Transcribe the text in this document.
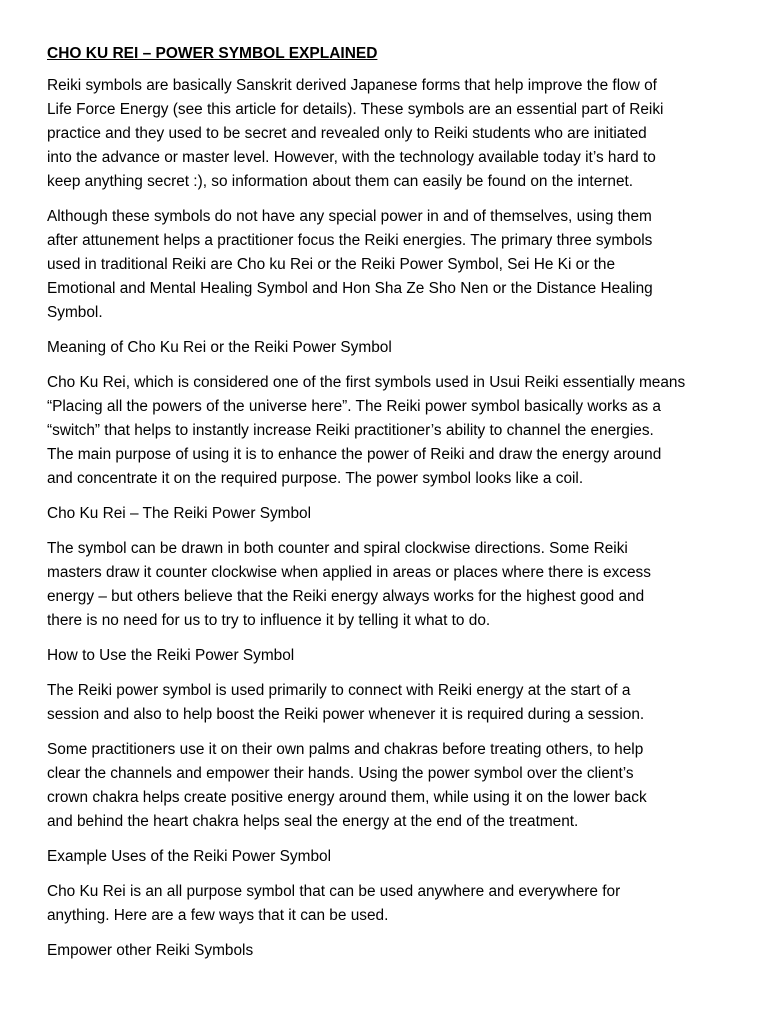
CHO KU REI – POWER SYMBOL EXPLAINED

Reiki symbols are basically Sanskrit derived Japanese forms that help improve the flow of
Life Force Energy (see this article for details). These symbols are an essential part of Reiki
practice and they used to be secret and revealed only to Reiki students who are initiated
into the advance or master level. However, with the technology available today it’s hard to
keep anything secret :), so information about them can easily be found on the internet.

Although these symbols do not have any special power in and of themselves, using them
after attunement helps a practitioner focus the Reiki energies. The primary three symbols
used in traditional Reiki are Cho ku Rei or the Reiki Power Symbol, Sei He Ki or the
Emotional and Mental Healing Symbol and Hon Sha Ze Sho Nen or the Distance Healing
Symbol.

Meaning of Cho Ku Rei or the Reiki Power Symbol

Cho Ku Rei, which is considered one of the first symbols used in Usui Reiki essentially means
“Placing all the powers of the universe here”. The Reiki power symbol basically works as a
“switch” that helps to instantly increase Reiki practitioner’s ability to channel the energies.
The main purpose of using it is to enhance the power of Reiki and draw the energy around
and concentrate it on the required purpose. The power symbol looks like a coil.

Cho Ku Rei – The Reiki Power Symbol

The symbol can be drawn in both counter and spiral clockwise directions. Some Reiki
masters draw it counter clockwise when applied in areas or places where there is excess
energy – but others believe that the Reiki energy always works for the highest good and
there is no need for us to try to influence it by telling it what to do.

How to Use the Reiki Power Symbol

The Reiki power symbol is used primarily to connect with Reiki energy at the start of a
session and also to help boost the Reiki power whenever it is required during a session.

Some practitioners use it on their own palms and chakras before treating others, to help
clear the channels and empower their hands. Using the power symbol over the client’s
crown chakra helps create positive energy around them, while using it on the lower back
and behind the heart chakra helps seal the energy at the end of the treatment.

Example Uses of the Reiki Power Symbol

Cho Ku Rei is an all purpose symbol that can be used anywhere and everywhere for
anything. Here are a few ways that it can be used.

Empower other Reiki Symbols
